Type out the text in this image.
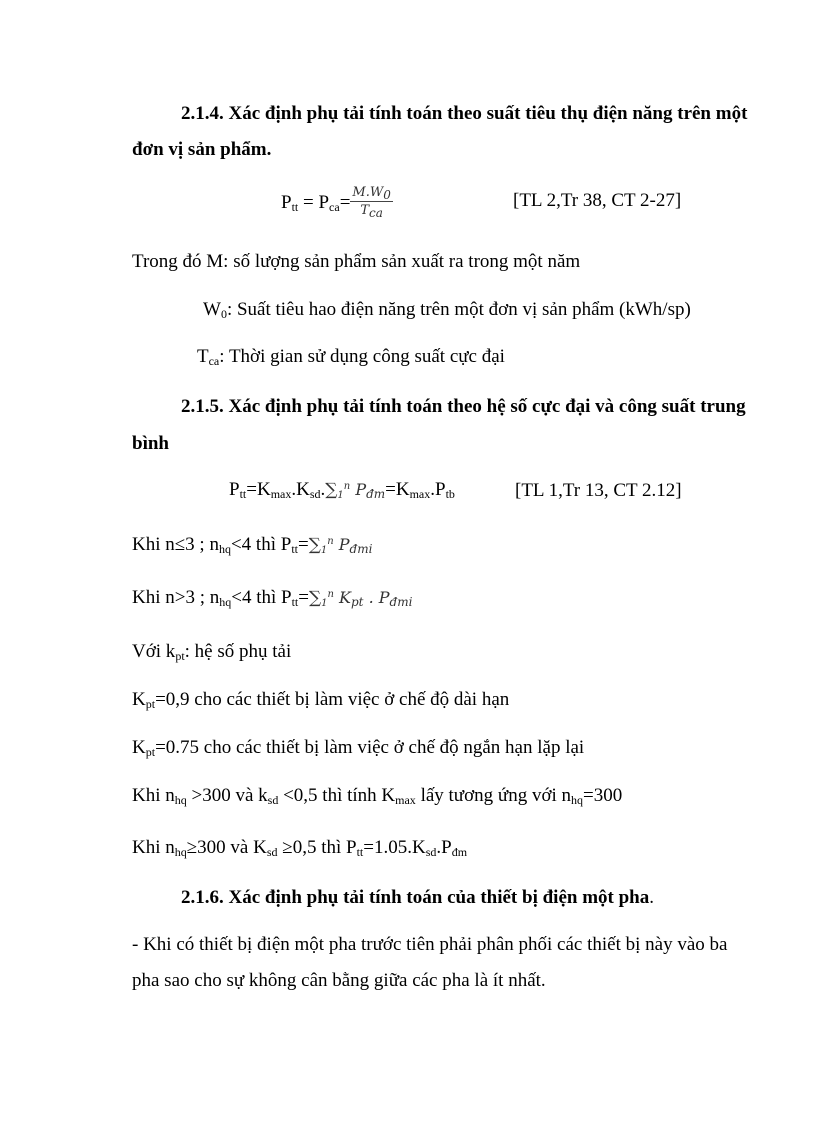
2.1.4. Xác định phụ tải tính toán theo suất tiêu thụ điện năng trên một
đơn vị sản phẩm.
$P_{tt} = P_{ca}= \frac{M.W_0}{T_{ca}}$	[TL 2,Tr 38, CT 2-27]
Trong đó M: số lượng sản phẩm sản xuất ra trong một năm
$W_0$: Suất tiêu hao điện năng trên một đơn vị sản phẩm (kWh/sp)
$T_{ca}$: Thời gian sử dụng công suất cực đại
2.1.5. Xác định phụ tải tính toán theo hệ số cực đại và công suất trung
bình
$P_{tt}=K_{max}.K_{sd}.\sum_1^n$ $P_{đm}=K_{max}.P_{tb}$	[TL 1,Tr 13, CT 2.12]
Khi n≤3 ; $n_{hq}<4$ thì $P_{tt}=\sum_1^n$ $P_{đmi}$
Khi n>3 ; $n_{hq}<4$ thì $P_{tt}=\sum_1^n$ $K_{pt}$ . $P_{đmi}$
Với $k_{pt}$: hệ số phụ tải
$K_{pt}=0,9$ cho các thiết bị làm việc ở chế độ dài hạn
$K_{pt}=0.75$ cho các thiết bị làm việc ở chế độ ngắn hạn lặp lại
Khi $n_{hq} >300$ và $k_{sd} <0,5$ thì tính $K_{max}$ lấy tương ứng với $n_{hq}=300$
Khi $n_{hq}\ge 300$ và $K_{sd} \ge 0,5$ thì $P_{tt}=1.05.K_{sd}.P_{đm}$
2.1.6. Xác định phụ tải tính toán của thiết bị điện một pha.
- Khi có thiết bị điện một pha trước tiên phải phân phối các thiết bị này vào ba
pha sao cho sự không cân bằng giữa các pha là ít nhất.
